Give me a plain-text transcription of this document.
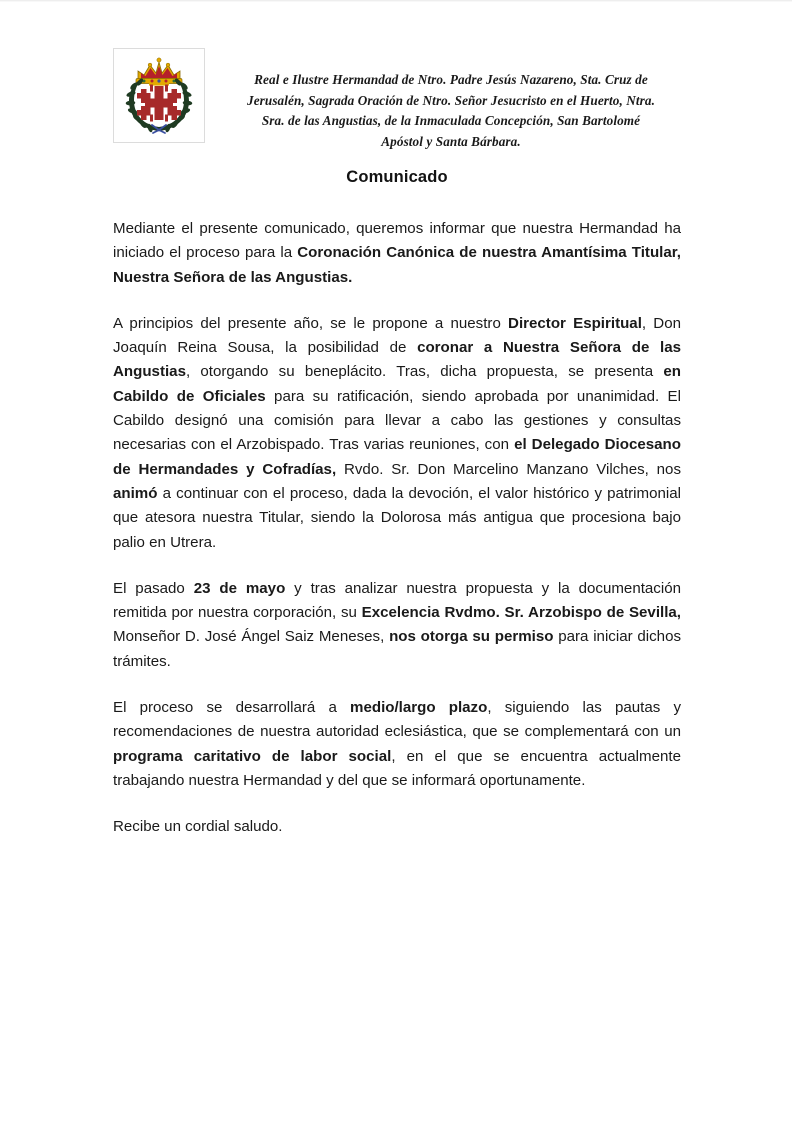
Real e Ilustre Hermandad de Ntro. Padre Jesús Nazareno, Sta. Cruz de
Jerusalén, Sagrada Oración de Ntro. Señor Jesucristo en el Huerto, Ntra.
Sra. de las Angustias, de la Inmaculada Concepción, San Bartolomé
Apóstol y Santa Bárbara.
Comunicado

Mediante el presente comunicado, queremos informar que nuestra Hermandad ha iniciado el proceso para la Coronación Canónica de nuestra Amantísima Titular, Nuestra Señora de las Angustias.

A principios del presente año, se le propone a nuestro Director Espiritual, Don Joaquín Reina Sousa, la posibilidad de coronar a Nuestra Señora de las Angustias, otorgando su beneplácito. Tras, dicha propuesta, se presenta en Cabildo de Oficiales para su ratificación, siendo aprobada por unanimidad. El Cabildo designó una comisión para llevar a cabo las gestiones y consultas necesarias con el Arzobispado. Tras varias reuniones, con el Delegado Diocesano de Hermandades y Cofradías, Rvdo. Sr. Don Marcelino Manzano Vilches, nos animó a continuar con el proceso, dada la devoción, el valor histórico y patrimonial que atesora nuestra Titular, siendo la Dolorosa más antigua que procesiona bajo palio en Utrera.

El pasado 23 de mayo y tras analizar nuestra propuesta y la documentación remitida por nuestra corporación, su Excelencia Rvdmo. Sr. Arzobispo de Sevilla, Monseñor D. José Ángel Saiz Meneses, nos otorga su permiso para iniciar dichos trámites.

El proceso se desarrollará a medio/largo plazo, siguiendo las pautas y recomendaciones de nuestra autoridad eclesiástica, que se complementará con un programa caritativo de labor social, en el que se encuentra actualmente trabajando nuestra Hermandad y del que se informará oportunamente.

Recibe un cordial saludo.
